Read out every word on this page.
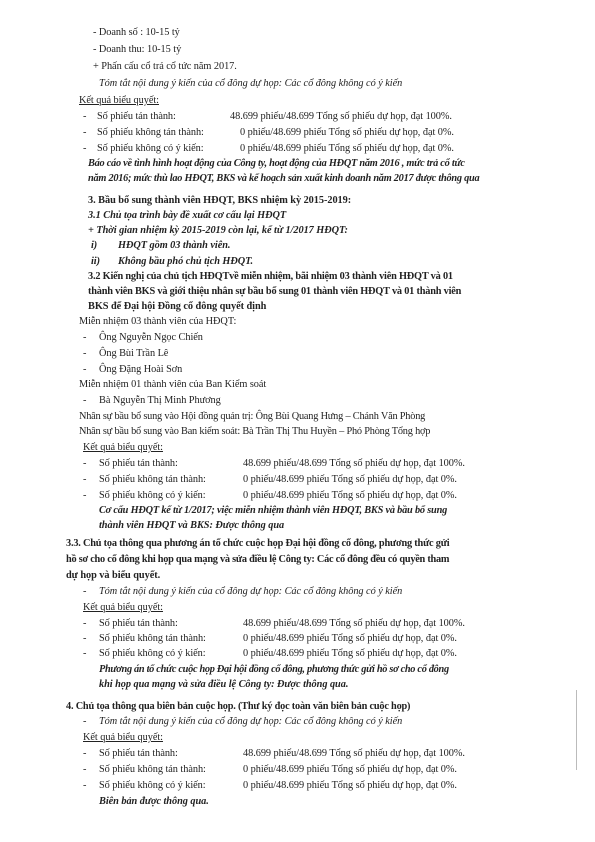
- Doanh số : 10-15 tỷ
- Doanh thu: 10-15 tỷ
+ Phấn cấu cổ trả cổ tức năm 2017.
Tóm tắt nội dung ý kiến của cổ đông dự họp: Các cổ đông không có ý kiến
Kết quả biểu quyết:
- Số phiếu tán thành:	48.699 phiếu/48.699 Tổng số phiếu dự họp, đạt 100%.
- Số phiếu không tán thành:	0 phiếu/48.699 phiếu Tổng số phiếu dự họp, đạt 0%.
- Số phiếu không có ý kiến:	0 phiếu/48.699 phiếu Tổng số phiếu dự họp, đạt 0%.
Báo cáo về tình hình hoạt động của Công ty, hoạt động của HĐQT năm 2016 , mức trả cổ tức
năm 2016; mức thù lao HĐQT, BKS và kế hoạch sản xuất kinh doanh năm 2017 được thông qua
3. Bầu bổ sung thành viên HĐQT, BKS nhiệm kỳ 2015-2019:
3.1 Chủ tọa trình bày đề xuất cơ cấu lại HĐQT
+ Thời gian nhiệm kỳ 2015-2019 còn lại, kể từ 1/2017 HĐQT:
i) HĐQT gồm 03 thành viên.
ii) Không bầu phó chủ tịch HĐQT.
3.2 Kiến nghị của chủ tịch HĐQTvề miễn nhiệm, bãi nhiệm 03 thành viên HĐQT và 01
thành viên BKS và giới thiệu nhân sự bầu bổ sung 01 thành viên HĐQT và 01 thành viên
BKS để Đại hội Đồng cổ đông quyết định
Miễn nhiệm 03 thành viên của HĐQT:
- Ông Nguyễn Ngọc Chiến
- Ông Bùi Trần Lê
- Ông Đặng Hoài Sơn
Miễn nhiệm 01 thành viên của Ban Kiểm soát
- Bà Nguyễn Thị Minh Phương
Nhân sự bầu bổ sung vào Hội đồng quản trị: Ông Bùi Quang Hưng – Chánh Văn Phòng
Nhân sự bầu bổ sung vào Ban kiểm soát: Bà Trần Thị Thu Huyền – Phó Phòng Tổng hợp
Kết quả biểu quyết:
- Số phiếu tán thành:	48.699 phiếu/48.699 Tổng số phiếu dự họp, đạt 100%.
- Số phiếu không tán thành:	0 phiếu/48.699 phiếu Tổng số phiếu dự họp, đạt 0%.
- Số phiếu không có ý kiến:	0 phiếu/48.699 phiếu Tổng số phiếu dự họp, đạt 0%.
Cơ cấu HĐQT kể từ 1/2017; việc miễn nhiệm thành viên HĐQT, BKS và bầu bổ sung
thành viên HĐQT và BKS: Được thông qua
3.3. Chủ tọa thông qua phương án tổ chức cuộc họp Đại hội đồng cổ đông, phương thức gửi
hồ sơ cho cổ đông khi họp qua mạng và sửa điều lệ Công ty: Các cổ đông đều có quyền tham
dự họp và biểu quyết.
- Tóm tắt nội dung ý kiến của cổ đông dự họp: Các cổ đông không có ý kiến
Kết quả biểu quyết:
- Số phiếu tán thành:	48.699 phiếu/48.699 Tổng số phiếu dự họp, đạt 100%.
- Số phiếu không tán thành:	0 phiếu/48.699 phiếu Tổng số phiếu dự họp, đạt 0%.
- Số phiếu không có ý kiến:	0 phiếu/48.699 phiếu Tổng số phiếu dự họp, đạt 0%.
Phương án tổ chức cuộc họp Đại hội đồng cổ đông, phương thức gửi hồ sơ cho cổ đông
khi họp qua mạng và sửa điều lệ Công ty: Được thông qua.
4. Chủ tọa thông qua biên bản cuộc họp. (Thư ký đọc toàn văn biên bản cuộc họp)
- Tóm tắt nội dung ý kiến của cổ đông dự họp: Các cổ đông không có ý kiến
Kết quả biểu quyết:
- Số phiếu tán thành:	48.699 phiếu/48.699 Tổng số phiếu dự họp, đạt 100%.
- Số phiếu không tán thành:	0 phiếu/48.699 phiếu Tổng số phiếu dự họp, đạt 0%.
- Số phiếu không có ý kiến:	0 phiếu/48.699 phiếu Tổng số phiếu dự họp, đạt 0%.
Biên bản được thông qua.
